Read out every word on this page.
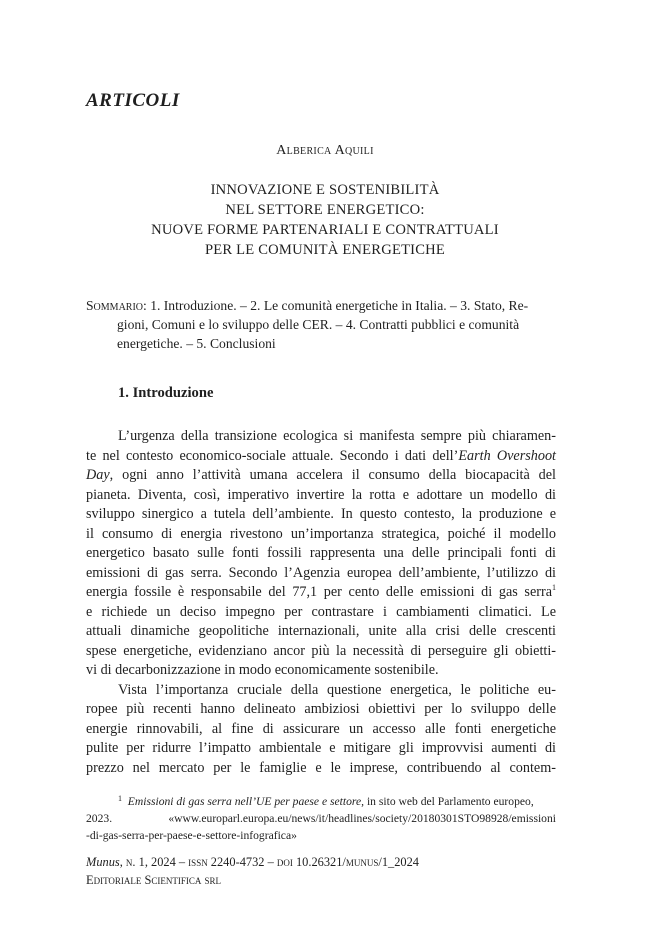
ARTICOLI
Alberica Aquili
INNOVAZIONE E SOSTENIBILITÀ
NEL SETTORE ENERGETICO:
NUOVE FORME PARTENARIALI E CONTRATTUALI
PER LE COMUNITÀ ENERGETICHE
Sommario: 1. Introduzione. – 2. Le comunità energetiche in Italia. – 3. Stato, Re-
gioni, Comuni e lo sviluppo delle CER. – 4. Contratti pubblici e comunità
energetiche. – 5. Conclusioni
1. Introduzione
L’urgenza della transizione ecologica si manifesta sempre più chiaramen-
te nel contesto economico-sociale attuale. Secondo i dati dell’Earth Overshoot
Day, ogni anno l’attività umana accelera il consumo della biocapacità del
pianeta. Diventa, così, imperativo invertire la rotta e adottare un modello di
sviluppo sinergico a tutela dell’ambiente. In questo contesto, la produzione e
il consumo di energia rivestono un’importanza strategica, poiché il modello
energetico basato sulle fonti fossili rappresenta una delle principali fonti di
emissioni di gas serra. Secondo l’Agenzia europea dell’ambiente, l’utilizzo di
energia fossile è responsabile del 77,1 per cento delle emissioni di gas serra$^1$
e richiede un deciso impegno per contrastare i cambiamenti climatici. Le
attuali dinamiche geopolitiche internazionali, unite alla crisi delle crescenti
spese energetiche, evidenziano ancor più la necessità di perseguire gli obietti-
vi di decarbonizzazione in modo economicamente sostenibile.
Vista l’importanza cruciale della questione energetica, le politiche eu-
ropee più recenti hanno delineato ambiziosi obiettivi per lo sviluppo delle
energie rinnovabili, al fine di assicurare un accesso alle fonti energetiche
pulite per ridurre l’impatto ambientale e mitigare gli improvvisi aumenti di
prezzo nel mercato per le famiglie e le imprese, contribuendo al contem-
$^1$ Emissioni di gas serra nell’UE per paese e settore, in sito web del Parlamento europeo,
2023. «www.europarl.europa.eu/news/it/headlines/society/20180301STO98928/emissioni
-di-gas-serra-per-paese-e-settore-infografica»
Munus, n. 1, 2024 – issn 2240-4732 – doi 10.26321/munus/1_2024
Editoriale Scientifica srl
